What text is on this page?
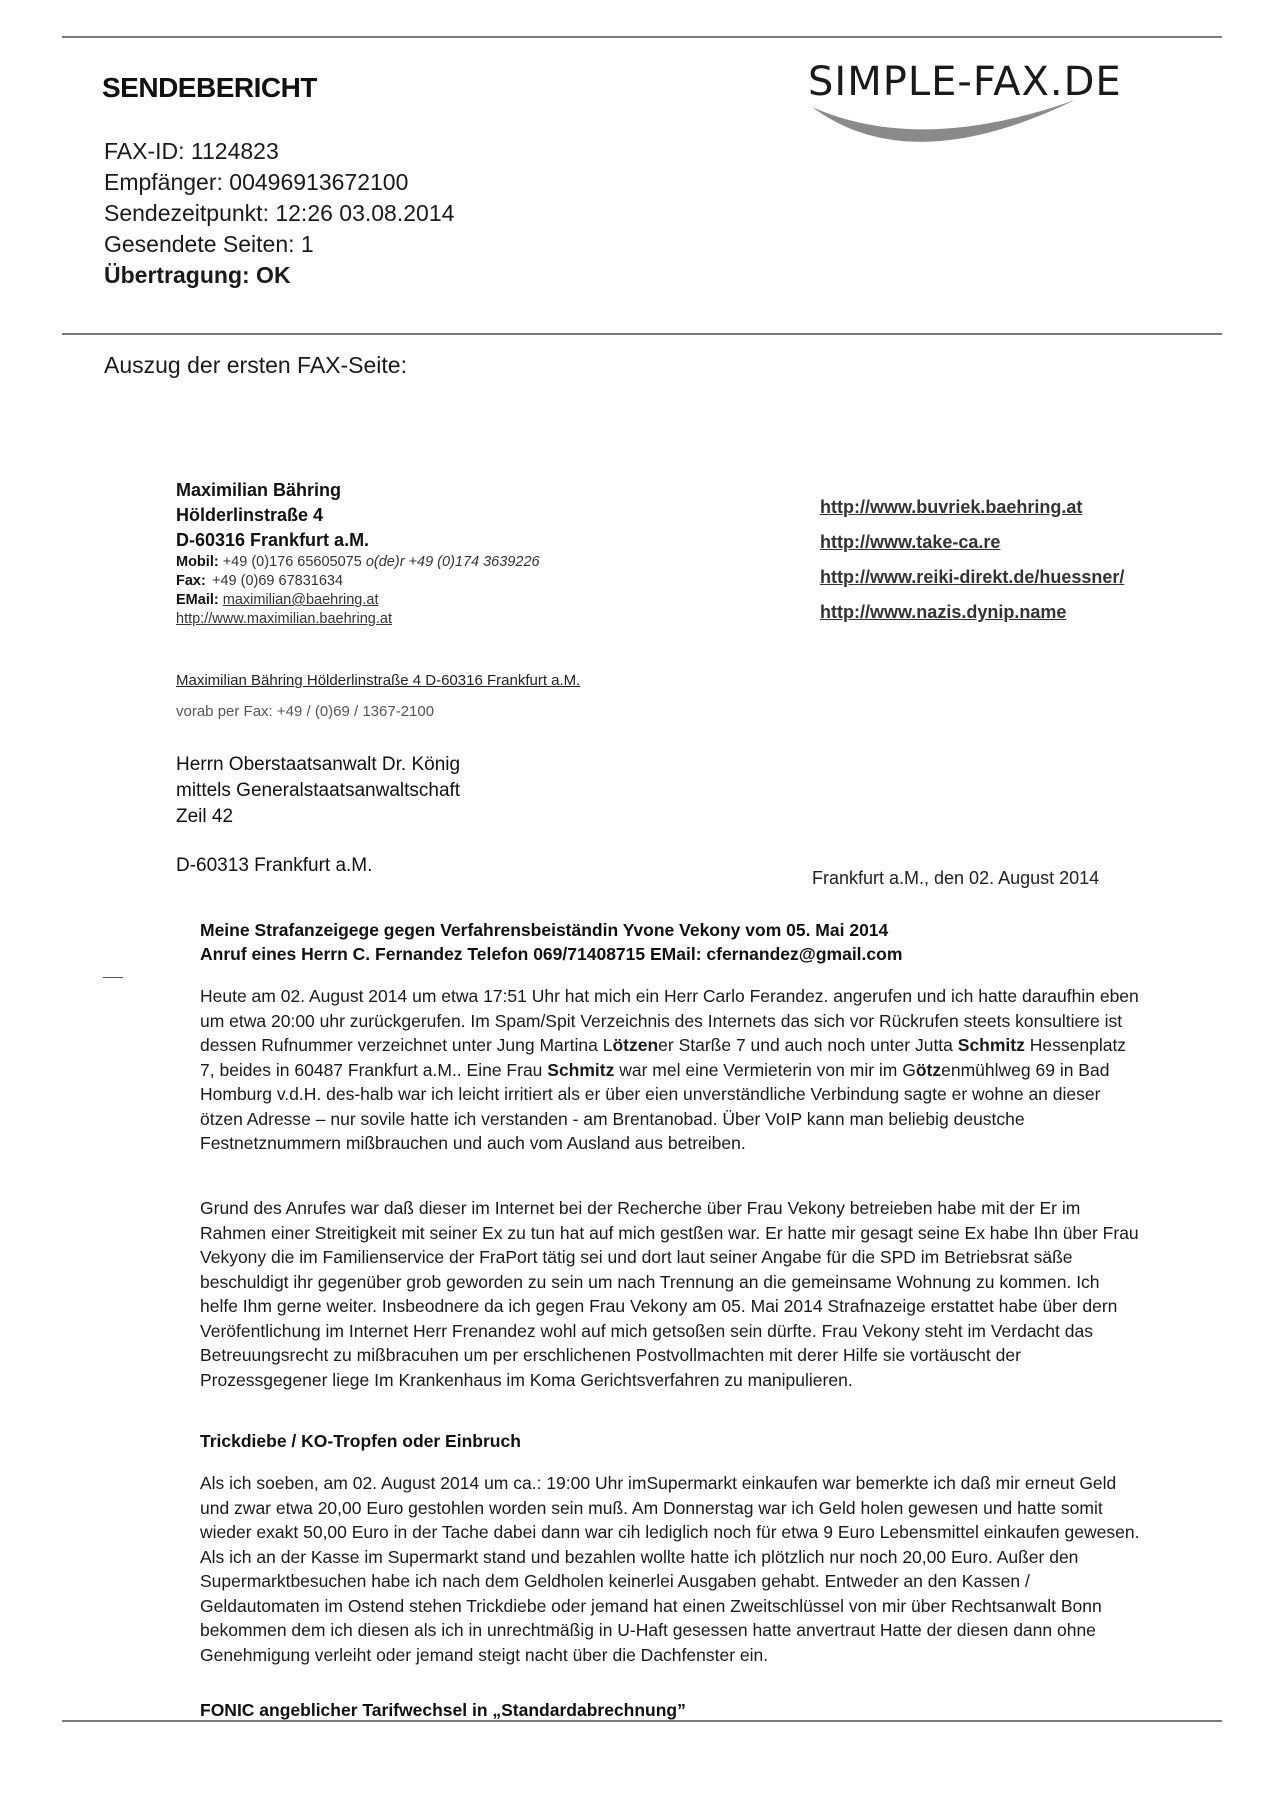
SENDEBERICHT	SIMPLE-FAX.DE
FAX-ID: 1124823
Empfänger: 00496913672100
Sendezeitpunkt: 12:26 03.08.2014
Gesendete Seiten: 1
Übertragung: OK
Auszug der ersten FAX-Seite:
Maximilian Bähring
Hölderlinstraße 4
D-60316 Frankfurt a.M.
Mobil: +49 (0)176 65605075 o(de)r +49 (0)174 3639226
Fax: +49 (0)69 67831634
EMail: maximilian@baehring.at
http://www.maximilian.baehring.at
http://www.buvriek.baehring.at
http://www.take-ca.re
http://www.reiki-direkt.de/huessner/
http://www.nazis.dynip.name
Maximilian Bähring Hölderlinstraße 4 D-60316 Frankfurt a.M.
vorab per Fax: +49 / (0)69 / 1367-2100
Herrn Oberstaatsanwalt Dr. König
mittels Generalstaatsanwaltschaft
Zeil 42
D-60313 Frankfurt a.M.
Frankfurt a.M., den 02. August 2014
Meine Strafanzeigege gegen Verfahrensbeiständin Yvone Vekony vom 05. Mai 2014
Anruf eines Herrn C. Fernandez Telefon 069/71408715 EMail: cfernandez@gmail.com
Heute am 02. August 2014 um etwa 17:51 Uhr hat mich ein Herr Carlo Ferandez. angerufen und ich hatte daraufhin eben um etwa 20:00 uhr zurückgerufen. Im Spam/Spit Verzeichnis des Internets das sich vor Rückrufen steets konsultiere ist dessen Rufnummer verzeichnet unter Jung Martina Lötzener Starße 7 und auch noch unter Jutta Schmitz Hessenplatz 7, beides in 60487 Frankfurt a.M.. Eine Frau Schmitz war mel eine Vermieterin von mir im Götzenmühlweg 69 in Bad Homburg v.d.H. des-halb war ich leicht irritiert als er über eien unverständliche Verbindung sagte er wohne an dieser ötzen Adresse – nur sovile hatte ich verstanden - am Brentanobad. Über VoIP kann man beliebig deustche Festnetznummern mißbrauchen und auch vom Ausland aus betreiben.
Grund des Anrufes war daß dieser im Internet bei der Recherche über Frau Vekony betreieben habe mit der Er im Rahmen einer Streitigkeit mit seiner Ex zu tun hat auf mich gestßen war. Er hatte mir gesagt seine Ex habe Ihn über Frau Vekyony die im Familienservice der FraPort tätig sei und dort laut seiner Angabe für die SPD im Betriebsrat säße beschuldigt ihr gegenüber grob geworden zu sein um nach Trennung an die gemeinsame Wohnung zu kommen. Ich helfe Ihm gerne weiter. Insbeodnere da ich gegen Frau Vekony am 05. Mai 2014 Strafnazeige erstattet habe über dern Veröfentlichung im Internet Herr Frenandez wohl auf mich getsoßen sein dürfte. Frau Vekony steht im Verdacht das Betreuungsrecht zu mißbracuhen um per erschlichenen Postvollmachten mit derer Hilfe sie vortäuscht der Prozessgegener liege Im Krankenhaus im Koma Gerichtsverfahren zu manipulieren.
Trickdiebe / KO-Tropfen oder Einbruch
Als ich soeben, am 02. August 2014 um ca.: 19:00 Uhr imSupermarkt einkaufen war bemerkte ich daß mir erneut Geld und zwar etwa 20,00 Euro gestohlen worden sein muß. Am Donnerstag war ich Geld holen gewesen und hatte somit wieder exakt 50,00 Euro in der Tache dabei dann war cih lediglich noch für etwa 9 Euro Lebensmittel einkaufen gewesen. Als ich an der Kasse im Supermarkt stand und bezahlen wollte hatte ich plötzlich nur noch 20,00 Euro. Außer den Supermarktbesuchen habe ich nach dem Geldholen keinerlei Ausgaben gehabt. Entweder an den Kassen / Geldautomaten im Ostend stehen Trickdiebe oder jemand hat einen Zweitschlüssel von mir über Rechtsanwalt Bonn bekommen dem ich diesen als ich in unrechtmäßig in U-Haft gesessen hatte anvertraut Hatte der diesen dann ohne Genehmigung verleiht oder jemand steigt nacht über die Dachfenster ein.
FONIC angeblicher Tarifwechsel in „Standardabrechnung”
